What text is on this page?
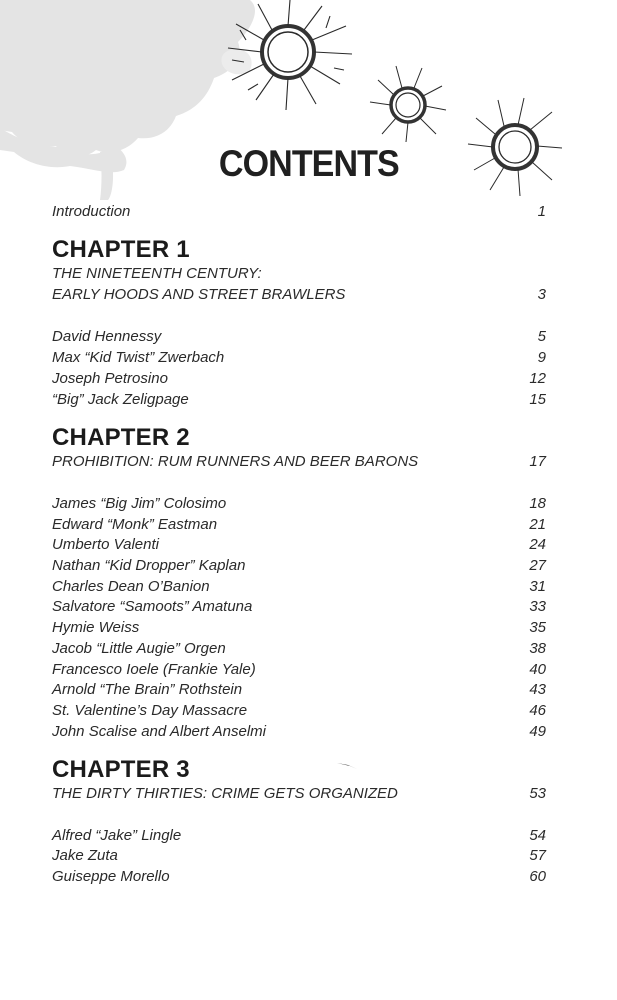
CONTENTS
Introduction	1
CHAPTER 1
THE NINETEENTH CENTURY:
EARLY HOODS AND STREET BRAWLERS	3
David Hennessy	5
Max “Kid Twist” Zwerbach	9
Joseph Petrosino	12
“Big” Jack Zeligpage	15
CHAPTER 2
PROHIBITION: RUM RUNNERS AND BEER BARONS	17
James “Big Jim” Colosimo	18
Edward “Monk” Eastman	21
Umberto Valenti	24
Nathan “Kid Dropper” Kaplan	27
Charles Dean O’Banion	31
Salvatore “Samoots” Amatuna	33
Hymie Weiss	35
Jacob “Little Augie” Orgen	38
Francesco Ioele (Frankie Yale)	40
Arnold “The Brain” Rothstein	43
St. Valentine’s Day Massacre	46
John Scalise and Albert Anselmi	49
CHAPTER 3
THE DIRTY THIRTIES: CRIME GETS ORGANIZED	53
Alfred “Jake” Lingle	54
Jake Zuta	57
Guiseppe Morello	60
